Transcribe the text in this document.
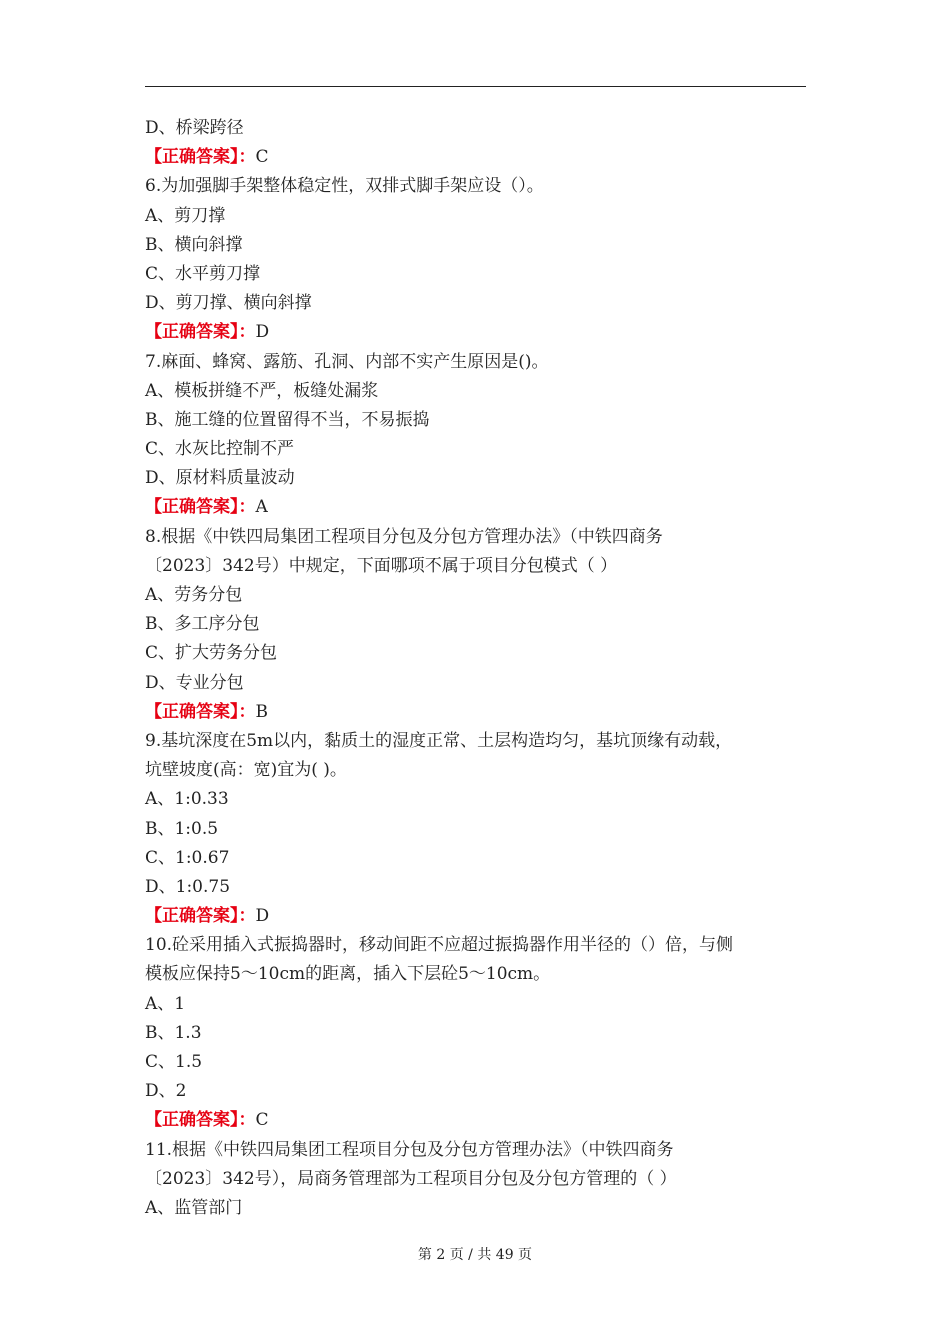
D、桥梁跨径
【正确答案】：C
6.为加强脚手架整体稳定性，双排式脚手架应设（）。
A、剪刀撑
B、横向斜撑
C、水平剪刀撑
D、剪刀撑、横向斜撑
【正确答案】：D
7.麻面、蜂窝、露筋、孔洞、内部不实产生原因是()。
A、模板拼缝不严，板缝处漏浆
B、施工缝的位置留得不当，不易振捣
C、水灰比控制不严
D、原材料质量波动
【正确答案】：A
8.根据《中铁四局集团工程项目分包及分包方管理办法》（中铁四商务
〔2023〕342号）中规定，下面哪项不属于项目分包模式（ ）
A、劳务分包
B、多工序分包
C、扩大劳务分包
D、专业分包
【正确答案】：B
9.基坑深度在5m以内，黏质土的湿度正常、土层构造均匀，基坑顶缘有动载，
坑壁坡度(高：宽)宜为( )。
A、1:0.33
B、1:0.5
C、1:0.67
D、1:0.75
【正确答案】：D
10.砼采用插入式振捣器时，移动间距不应超过振捣器作用半径的（）倍，与侧
模板应保持5～10cm的距离，插入下层砼5～10cm。
A、1
B、1.3
C、1.5
D、2
【正确答案】：C
11.根据《中铁四局集团工程项目分包及分包方管理办法》（中铁四商务
〔2023〕342号），局商务管理部为工程项目分包及分包方管理的（ ）
A、监管部门
第 2 页 / 共 49 页
